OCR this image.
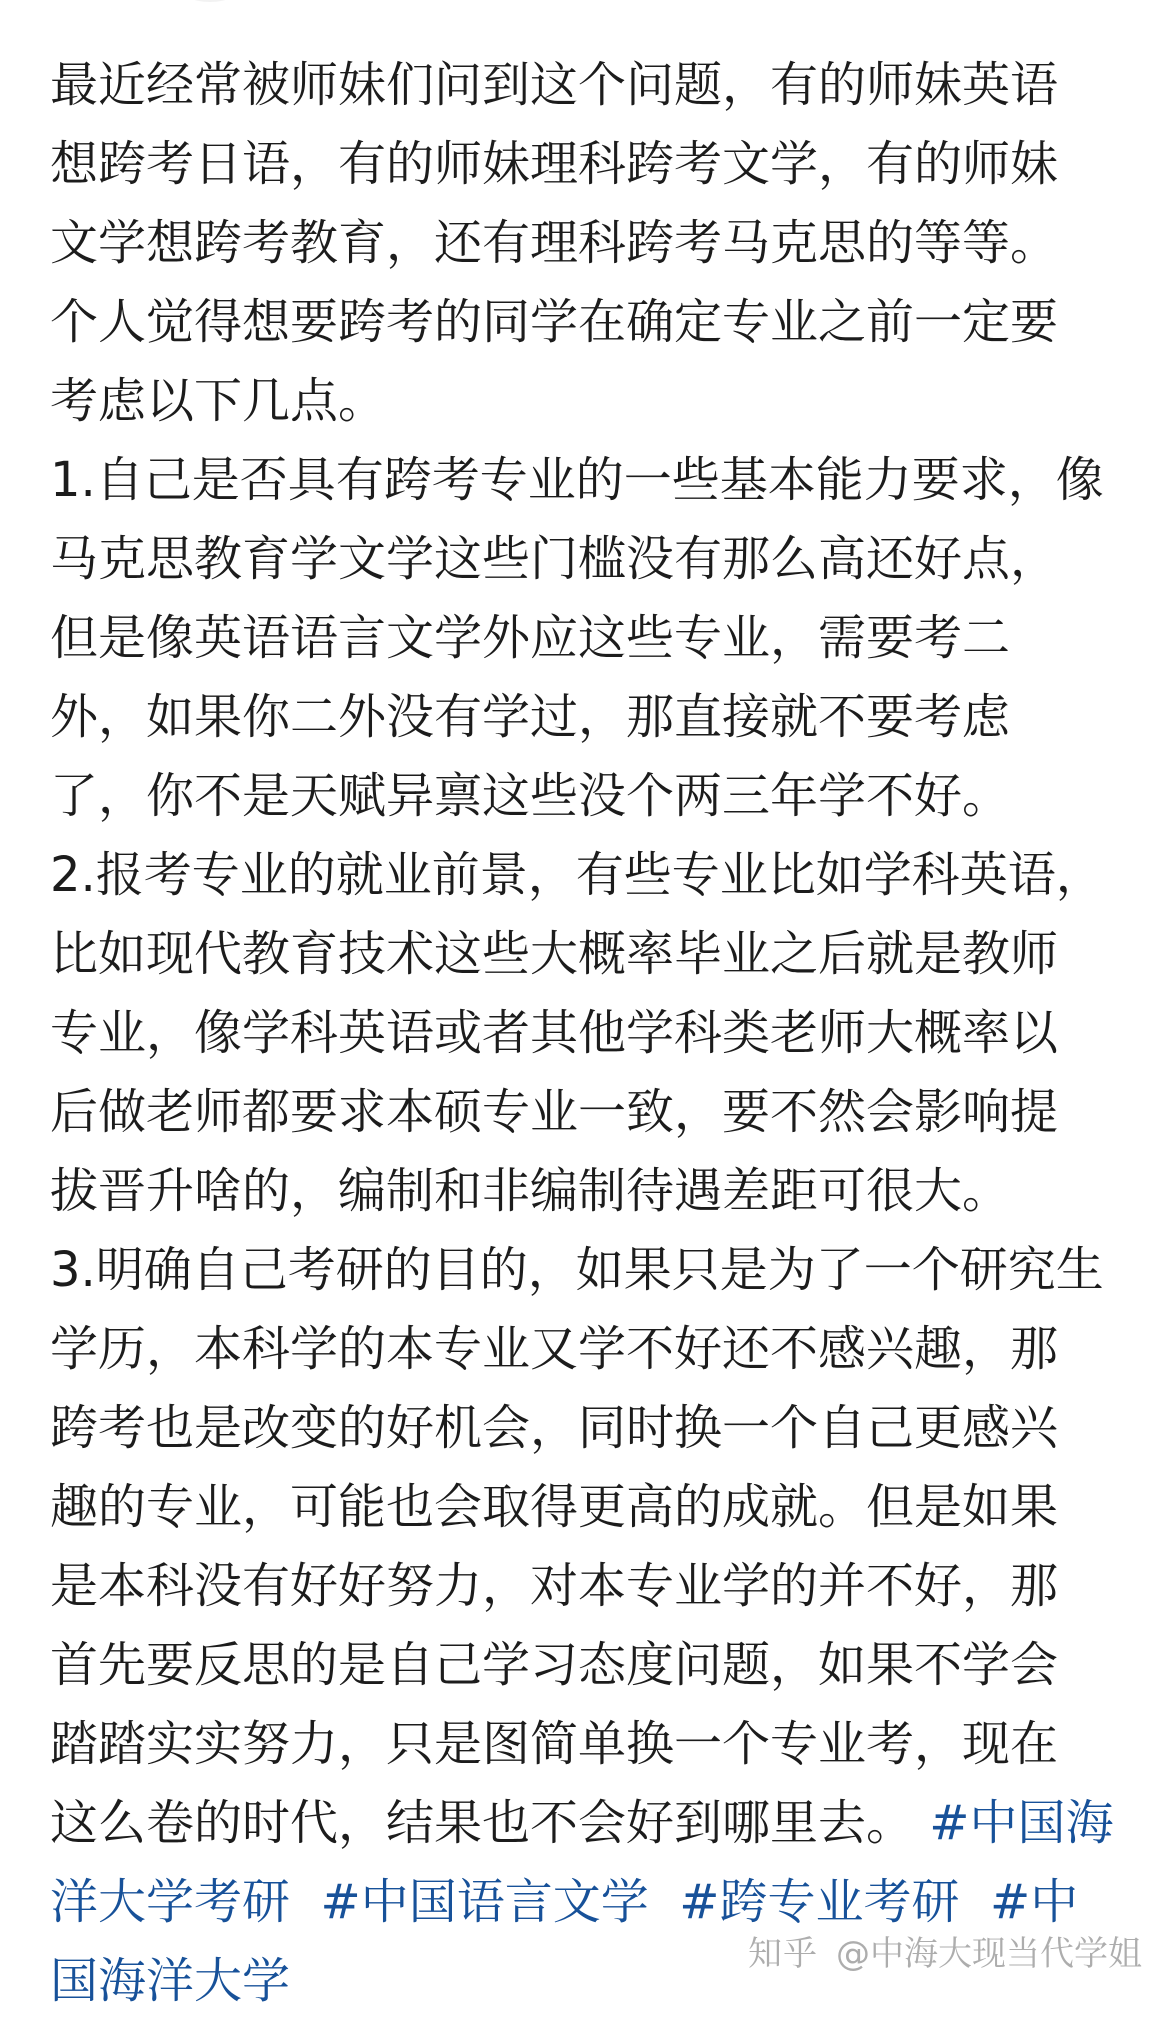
最近经常被师妹们问到这个问题，有的师妹英语
想跨考日语，有的师妹理科跨考文学，有的师妹
文学想跨考教育，还有理科跨考马克思的等等。
个人觉得想要跨考的同学在确定专业之前一定要
考虑以下几点。
1.自己是否具有跨考专业的一些基本能力要求，像
马克思教育学文学这些门槛没有那么高还好点，
但是像英语语言文学外应这些专业，需要考二
外，如果你二外没有学过，那直接就不要考虑
了，你不是天赋异禀这些没个两三年学不好。
2.报考专业的就业前景，有些专业比如学科英语，
比如现代教育技术这些大概率毕业之后就是教师
专业，像学科英语或者其他学科类老师大概率以
后做老师都要求本硕专业一致，要不然会影响提
拔晋升啥的，编制和非编制待遇差距可很大。
3.明确自己考研的目的，如果只是为了一个研究生
学历，本科学的本专业又学不好还不感兴趣，那
跨考也是改变的好机会，同时换一个自己更感兴
趣的专业，可能也会取得更高的成就。但是如果
是本科没有好好努力，对本专业学的并不好，那
首先要反思的是自己学习态度问题，如果不学会
踏踏实实努力，只是图简单换一个专业考，现在
这么卷的时代，结果也不会好到哪里去。 #中国海
洋大学考研 #中国语言文学 #跨专业考研 #中
国海洋大学	知乎 @中海大现当代学姐
